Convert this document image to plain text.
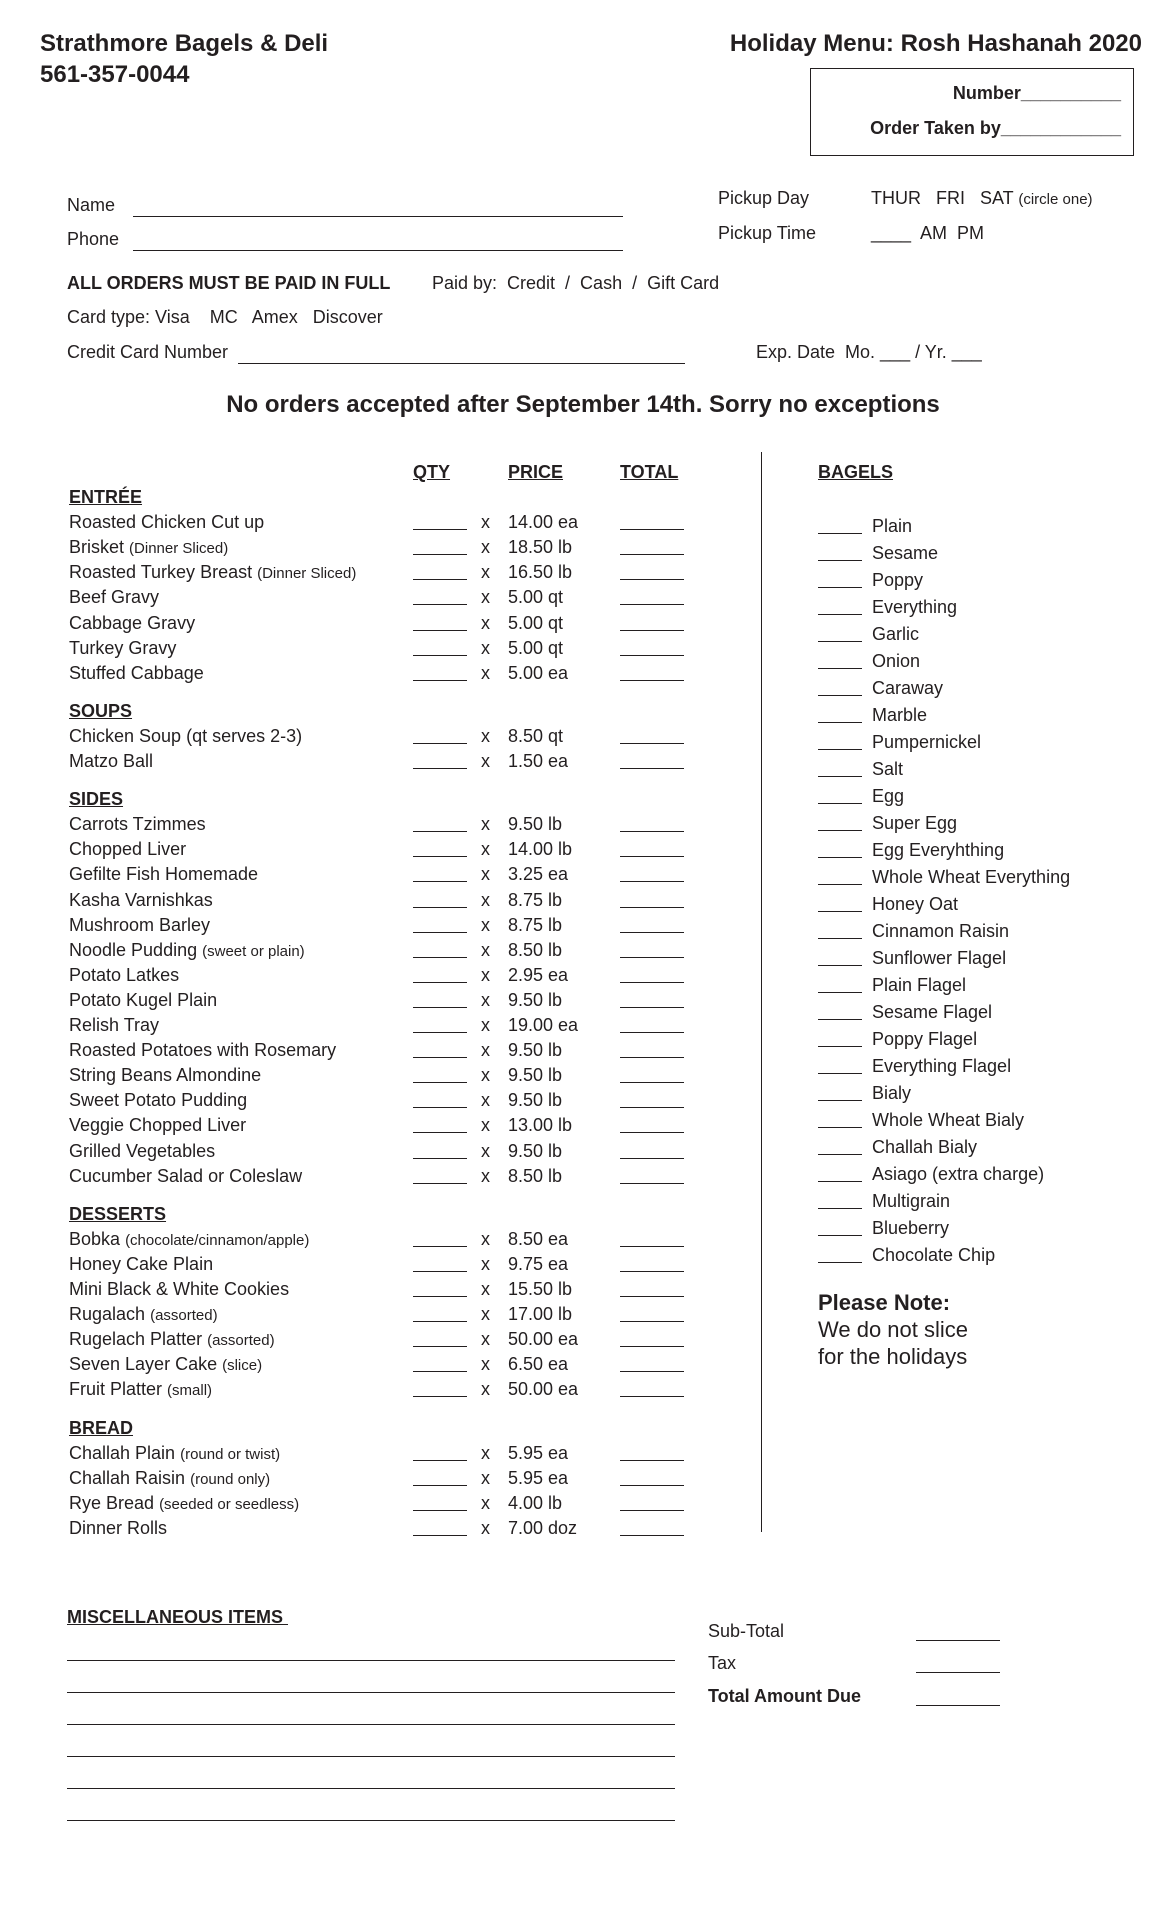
Strathmore Bagels & Deli
561-357-0044
Holiday Menu: Rosh Hashanah 2020
Number__________
Order Taken by____________
Name
Phone
Pickup Day	THUR   FRI   SAT (circle one)
Pickup Time	____  AM  PM
ALL ORDERS MUST BE PAID IN FULL Paid by:  Credit  /  Cash  /  Gift Card
Card type: Visa    MC   Amex   Discover
Credit Card Number	Exp. Date  Mo. ___ / Yr. ___
No orders accepted after September 14th. Sorry no exceptions
QTY	PRICE	TOTAL	BAGELS
ENTRÉE
Roasted Chicken Cut up	x 14.00 ea
Brisket (Dinner Sliced)	x 18.50 lb
Roasted Turkey Breast (Dinner Sliced)	x 16.50 lb
Beef Gravy	x 5.00 qt
Cabbage Gravy	x 5.00 qt
Turkey Gravy	x 5.00 qt
Stuffed Cabbage	x 5.00 ea
SOUPS
Chicken Soup (qt serves 2-3)	x 8.50 qt
Matzo Ball	x 1.50 ea
SIDES
Carrots Tzimmes	x 9.50 lb
Chopped Liver	x 14.00 lb
Gefilte Fish Homemade	x 3.25 ea
Kasha Varnishkas	x 8.75 lb
Mushroom Barley	x 8.75 lb
Noodle Pudding (sweet or plain)	x 8.50 lb
Potato Latkes	x 2.95 ea
Potato Kugel Plain	x 9.50 lb
Relish Tray	x 19.00 ea
Roasted Potatoes with Rosemary	x 9.50 lb
String Beans Almondine	x 9.50 lb
Sweet Potato Pudding	x 9.50 lb
Veggie Chopped Liver	x 13.00 lb
Grilled Vegetables	x 9.50 lb
Cucumber Salad or Coleslaw	x 8.50 lb
DESSERTS
Bobka (chocolate/cinnamon/apple)	x 8.50 ea
Honey Cake Plain	x 9.75 ea
Mini Black & White Cookies	x 15.50 lb
Rugalach (assorted)	x 17.00 lb
Rugelach Platter (assorted)	x 50.00 ea
Seven Layer Cake (slice)	x 6.50 ea
Fruit Platter (small)	x 50.00 ea
BREAD
Challah Plain (round or twist)	x 5.95 ea
Challah Raisin (round only)	x 5.95 ea
Rye Bread (seeded or seedless)	x 4.00 lb
Dinner Rolls	x 7.00 doz
Plain
Sesame
Poppy
Everything
Garlic
Onion
Caraway
Marble
Pumpernickel
Salt
Egg
Super Egg
Egg Everyhthing
Whole Wheat Everything
Honey Oat
Cinnamon Raisin
Sunflower Flagel
Plain Flagel
Sesame Flagel
Poppy Flagel
Everything Flagel
Bialy
Whole Wheat Bialy
Challah Bialy
Asiago (extra charge)
Multigrain
Blueberry
Chocolate Chip
Please Note:
We do not slice
for the holidays
MISCELLANEOUS ITEMS
Sub-Total
Tax
Total Amount Due
